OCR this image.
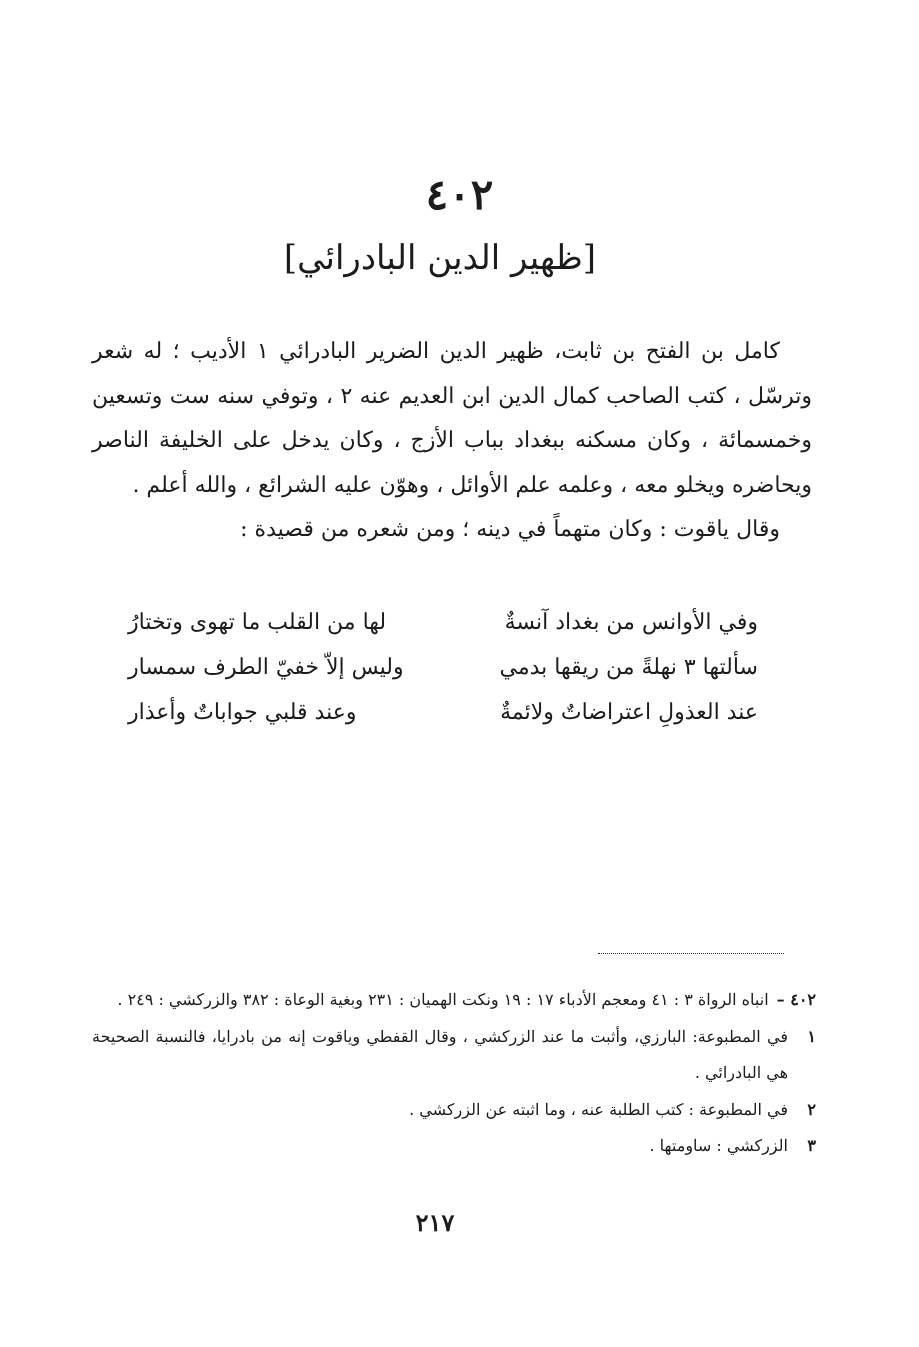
٤٠٢
[ظهير الدين البادرائي]

كامل بن الفتح بن ثابت، ظهير الدين الضرير البادرائي ١ الأديب ؛ له شعر وترسّل ، كتب الصاحب كمال الدين ابن العديم عنه ٢ ، وتوفي سنه ست وتسعين وخمسمائة ، وكان مسكنه ببغداد بباب الأزج ، وكان يدخل على الخليفة الناصر ويحاضره ويخلو معه ، وعلمه علم الأوائل ، وهوّن عليه الشرائع ، والله أعلم .

وقال ياقوت : وكان متهماً في دينه ؛ ومن شعره من قصيدة :

وفي الأوانس من بغداد آنسةٌ
لها من القلب ما تهوى وتختارُ
سألتها ٣ نهلةً من ريقها بدمي
وليس إلاّ خفيّ الطرف سمسار
عند العذولِ اعتراضاتٌ ولائمةٌ
وعند قلبي جواباتٌ وأعذار
٤٠٢ –
انباه الرواة ٣ : ٤١ ومعجم الأدباء ١٧ : ١٩ ونكت الهميان : ٢٣١ وبغية الوعاة : ٣٨٢ والزركشي : ٢٤٩ .
١
في المطبوعة: البارزي، وأثبت ما عند الزركشي ، وقال القفطي وياقوت إنه من بادرايا، فالنسبة الصحيحة هي البادرائي .
٢
في المطبوعة : كتب الطلبة عنه ، وما اثبته عن الزركشي .
٣
الزركشي : ساومتها .
٢١٧
